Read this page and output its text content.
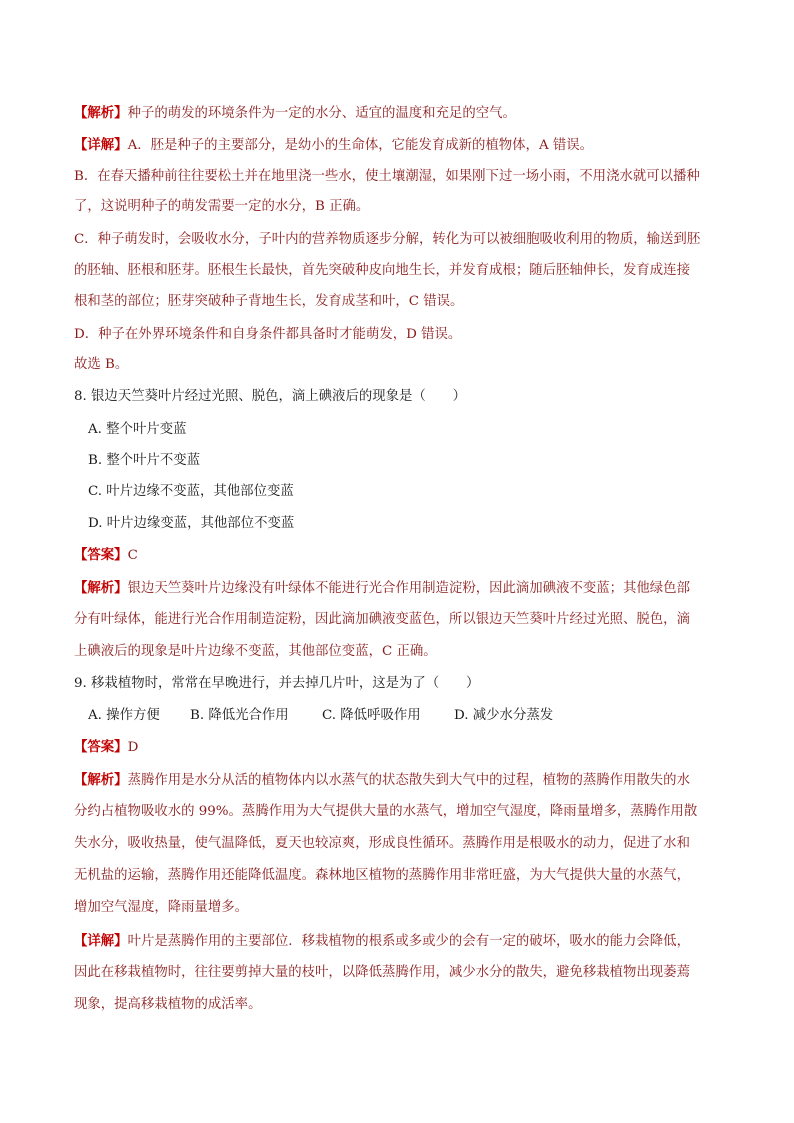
【解析】种子的萌发的环境条件为一定的水分、适宜的温度和充足的空气。
【详解】A．胚是种子的主要部分，是幼小的生命体，它能发育成新的植物体，A 错误。
B．在春天播种前往往要松土并在地里浇一些水，使土壤潮湿，如果刚下过一场小雨，不用浇水就可以播种
了，这说明种子的萌发需要一定的水分，B 正确。
C．种子萌发时，会吸收水分，子叶内的营养物质逐步分解，转化为可以被细胞吸收利用的物质，输送到胚
的胚轴、胚根和胚芽。胚根生长最快，首先突破种皮向地生长，并发育成根；随后胚轴伸长，发育成连接
根和茎的部位；胚芽突破种子背地生长，发育成茎和叶，C 错误。
D．种子在外界环境条件和自身条件都具备时才能萌发，D 错误。
故选 B。
8. 银边天竺葵叶片经过光照、脱色，滴上碘液后的现象是（　　）
A. 整个叶片变蓝
B. 整个叶片不变蓝
C. 叶片边缘不变蓝，其他部位变蓝
D. 叶片边缘变蓝，其他部位不变蓝
【答案】C
【解析】银边天竺葵叶片边缘没有叶绿体不能进行光合作用制造淀粉，因此滴加碘液不变蓝；其他绿色部
分有叶绿体，能进行光合作用制造淀粉，因此滴加碘液变蓝色，所以银边天竺葵叶片经过光照、脱色，滴
上碘液后的现象是叶片边缘不变蓝，其他部位变蓝，C 正确。
9. 移栽植物时，常常在早晚进行，并去掉几片叶，这是为了（　　）
A. 操作方便 B. 降低光合作用 C. 降低呼吸作用 D. 减少水分蒸发
【答案】D
【解析】蒸腾作用是水分从活的植物体内以水蒸气的状态散失到大气中的过程，植物的蒸腾作用散失的水
分约占植物吸收水的 99%。蒸腾作用为大气提供大量的水蒸气，增加空气湿度，降雨量增多，蒸腾作用散
失水分，吸收热量，使气温降低，夏天也较凉爽，形成良性循环。蒸腾作用是根吸水的动力，促进了水和
无机盐的运输，蒸腾作用还能降低温度。森林地区植物的蒸腾作用非常旺盛，为大气提供大量的水蒸气，
增加空气湿度，降雨量增多。
【详解】叶片是蒸腾作用的主要部位．移栽植物的根系或多或少的会有一定的破坏，吸水的能力会降低，
因此在移栽植物时，往往要剪掉大量的枝叶，以降低蒸腾作用，减少水分的散失，避免移栽植物出现萎蔫
现象，提高移栽植物的成活率。
